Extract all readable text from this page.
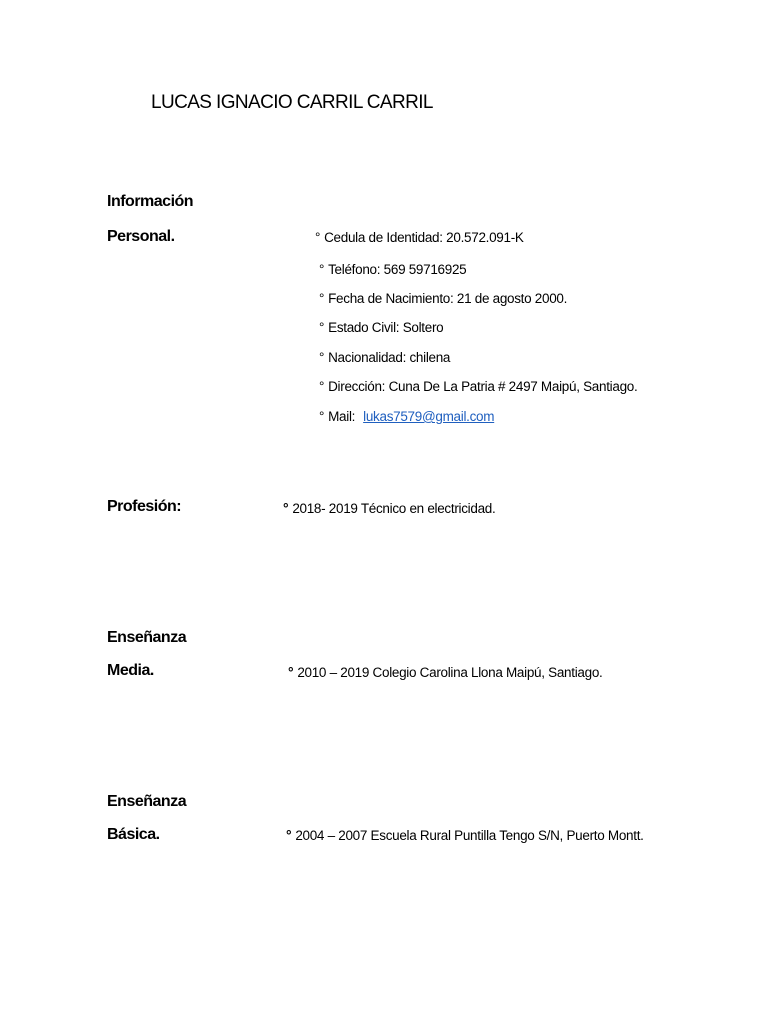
LUCAS IGNACIO CARRIL CARRIL
Información
Personal.	° Cedula de Identidad: 20.572.091-K
° Teléfono: 569 59716925
° Fecha de Nacimiento: 21 de agosto 2000.
° Estado Civil: Soltero
° Nacionalidad: chilena
° Dirección: Cuna De La Patria # 2497 Maipú, Santiago.
° Mail: lukas7579@gmail.com
Profesión:	° 2018- 2019 Técnico en electricidad.
Enseñanza
Media.	° 2010 – 2019 Colegio Carolina Llona Maipú, Santiago.
Enseñanza
Básica.	° 2004 – 2007 Escuela Rural Puntilla Tengo S/N, Puerto Montt.
